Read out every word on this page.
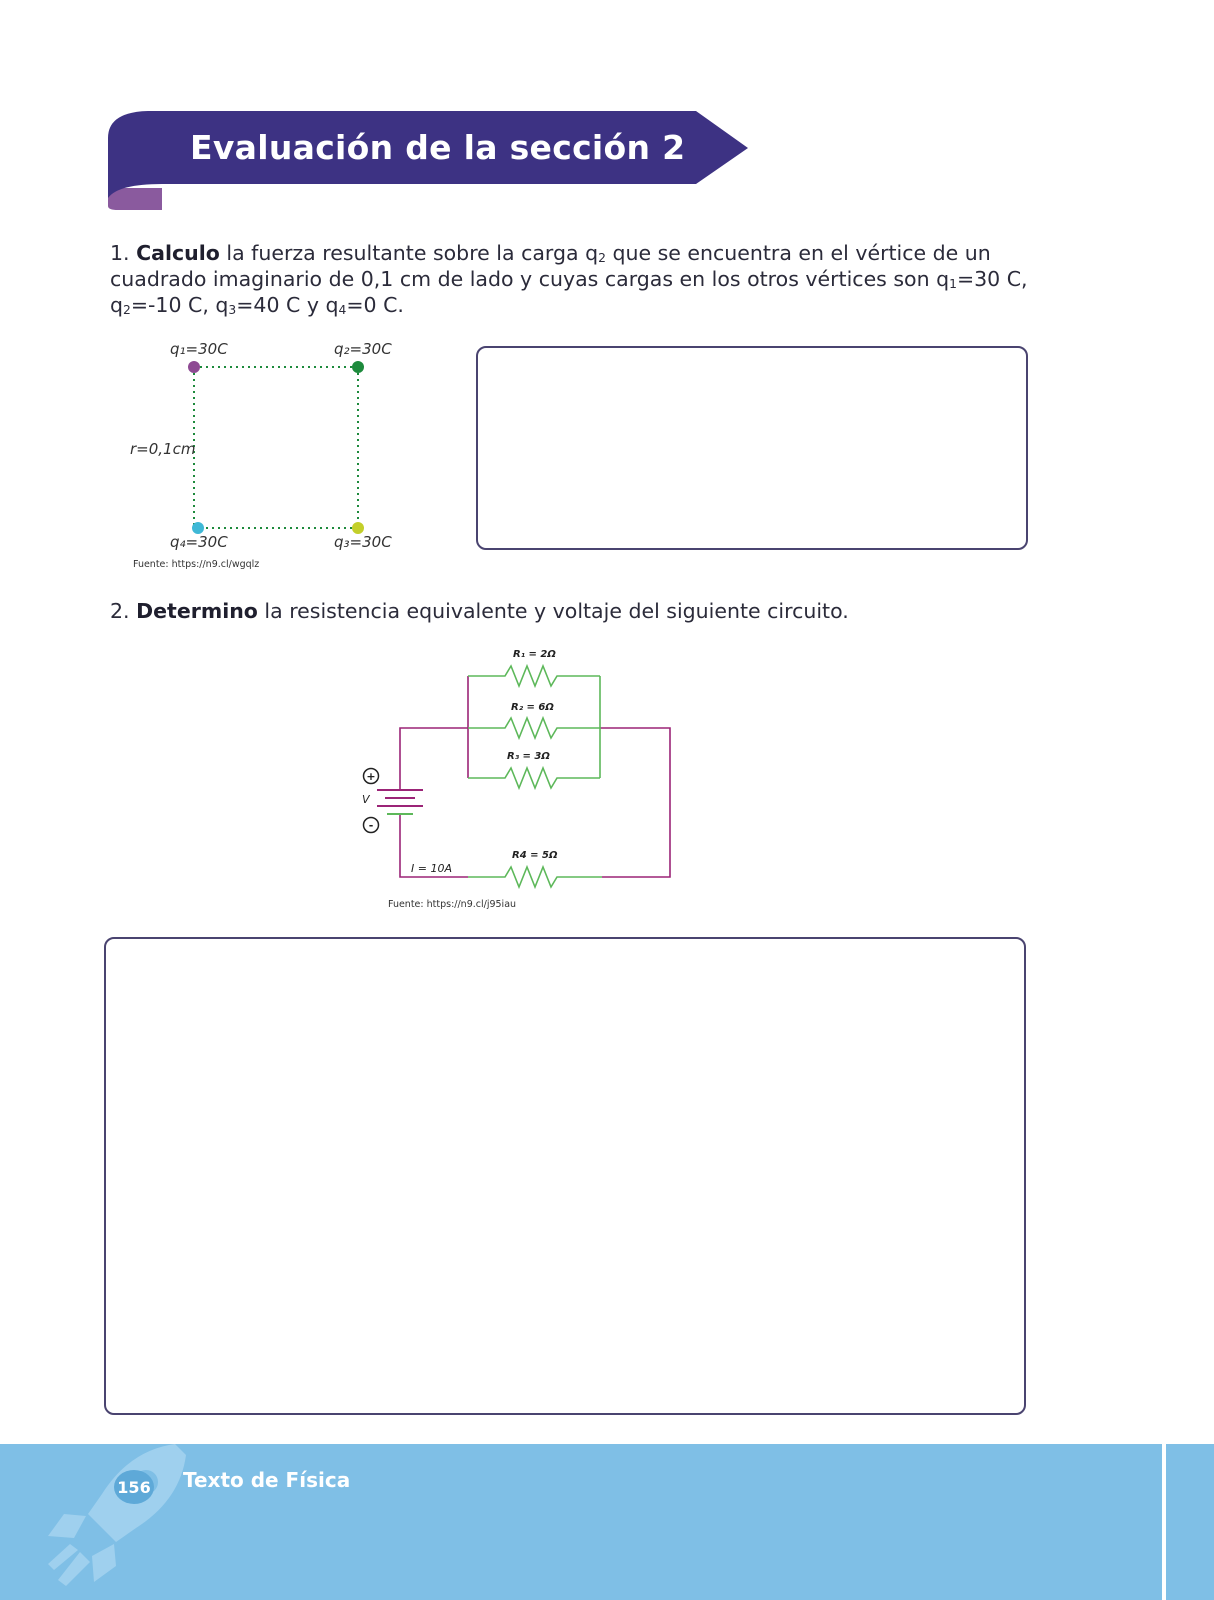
Evaluación de la sección 2
1. Calculo la fuerza resultante sobre la carga q2 que se encuentra en el vértice de un cuadrado imaginario de 0,1 cm de lado y cuyas cargas en los otros vértices son q1=30 C, q2=-10 C, q3=40 C y q4=0 C.
q₁=30C	q₂=30C
q₃=30C
q₄=30C
r=0,1cm
Fuente: https://n9.cl/wgqlz
2. Determino la resistencia equivalente y voltaje del siguiente circuito.
+
-
V
R₁ = 2Ω
R₂ = 6Ω
R₃ = 3Ω
R4 = 5Ω
I = 10A
Fuente: https://n9.cl/j95iau
156 Texto de Física
